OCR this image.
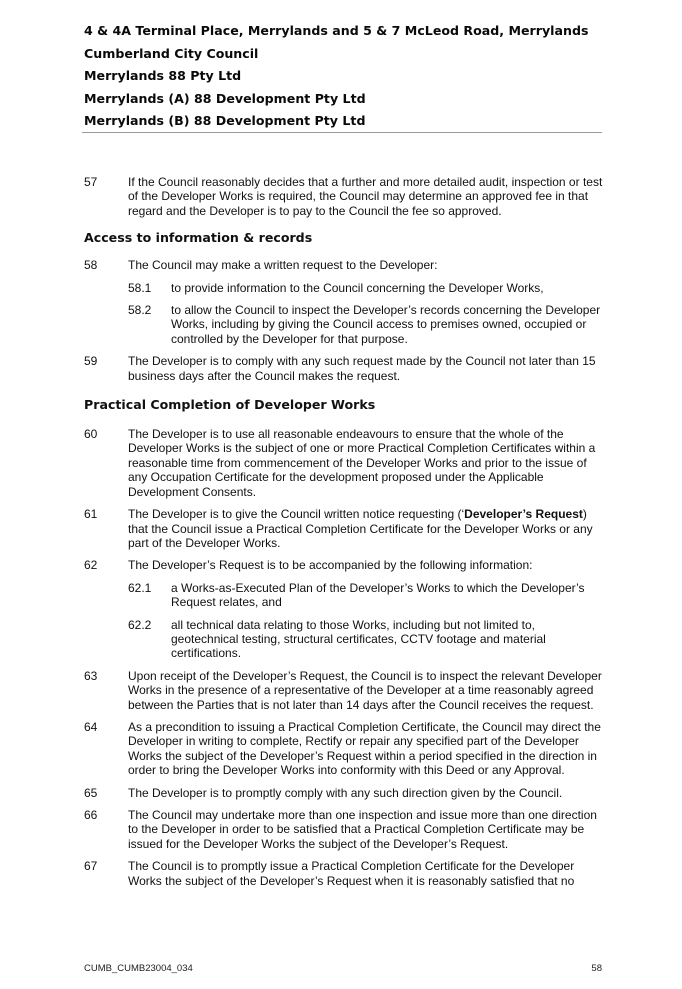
4 & 4A Terminal Place, Merrylands and 5 & 7 McLeod Road, Merrylands
Cumberland City Council
Merrylands 88 Pty Ltd
Merrylands (A) 88 Development Pty Ltd
Merrylands (B) 88 Development Pty Ltd
57	If the Council reasonably decides that a further and more detailed audit, inspection or test of the Developer Works is required, the Council may determine an approved fee in that regard and the Developer is to pay to the Council the fee so approved.
Access to information & records
58	The Council may make a written request to the Developer:
58.1 to provide information to the Council concerning the Developer Works,
58.2 to allow the Council to inspect the Developer’s records concerning the Developer Works, including by giving the Council access to premises owned, occupied or controlled by the Developer for that purpose.
59	The Developer is to comply with any such request made by the Council not later than 15 business days after the Council makes the request.
Practical Completion of Developer Works
60	The Developer is to use all reasonable endeavours to ensure that the whole of the Developer Works is the subject of one or more Practical Completion Certificates within a reasonable time from commencement of the Developer Works and prior to the issue of any Occupation Certificate for the development proposed under the Applicable Development Consents.
61	The Developer is to give the Council written notice requesting (‘Developer’s Request) that the Council issue a Practical Completion Certificate for the Developer Works or any part of the Developer Works.
62	The Developer’s Request is to be accompanied by the following information:
62.1 a Works-as-Executed Plan of the Developer’s Works to which the Developer’s Request relates, and
62.2 all technical data relating to those Works, including but not limited to, geotechnical testing, structural certificates, CCTV footage and material certifications.
63	Upon receipt of the Developer’s Request, the Council is to inspect the relevant Developer Works in the presence of a representative of the Developer at a time reasonably agreed between the Parties that is not later than 14 days after the Council receives the request.
64	As a precondition to issuing a Practical Completion Certificate, the Council may direct the Developer in writing to complete, Rectify or repair any specified part of the Developer Works the subject of the Developer’s Request within a period specified in the direction in order to bring the Developer Works into conformity with this Deed or any Approval.
65	The Developer is to promptly comply with any such direction given by the Council.
66	The Council may undertake more than one inspection and issue more than one direction to the Developer in order to be satisfied that a Practical Completion Certificate may be issued for the Developer Works the subject of the Developer’s Request.
67	The Council is to promptly issue a Practical Completion Certificate for the Developer Works the subject of the Developer’s Request when it is reasonably satisfied that no
CUMB_CUMB23004_034	58
